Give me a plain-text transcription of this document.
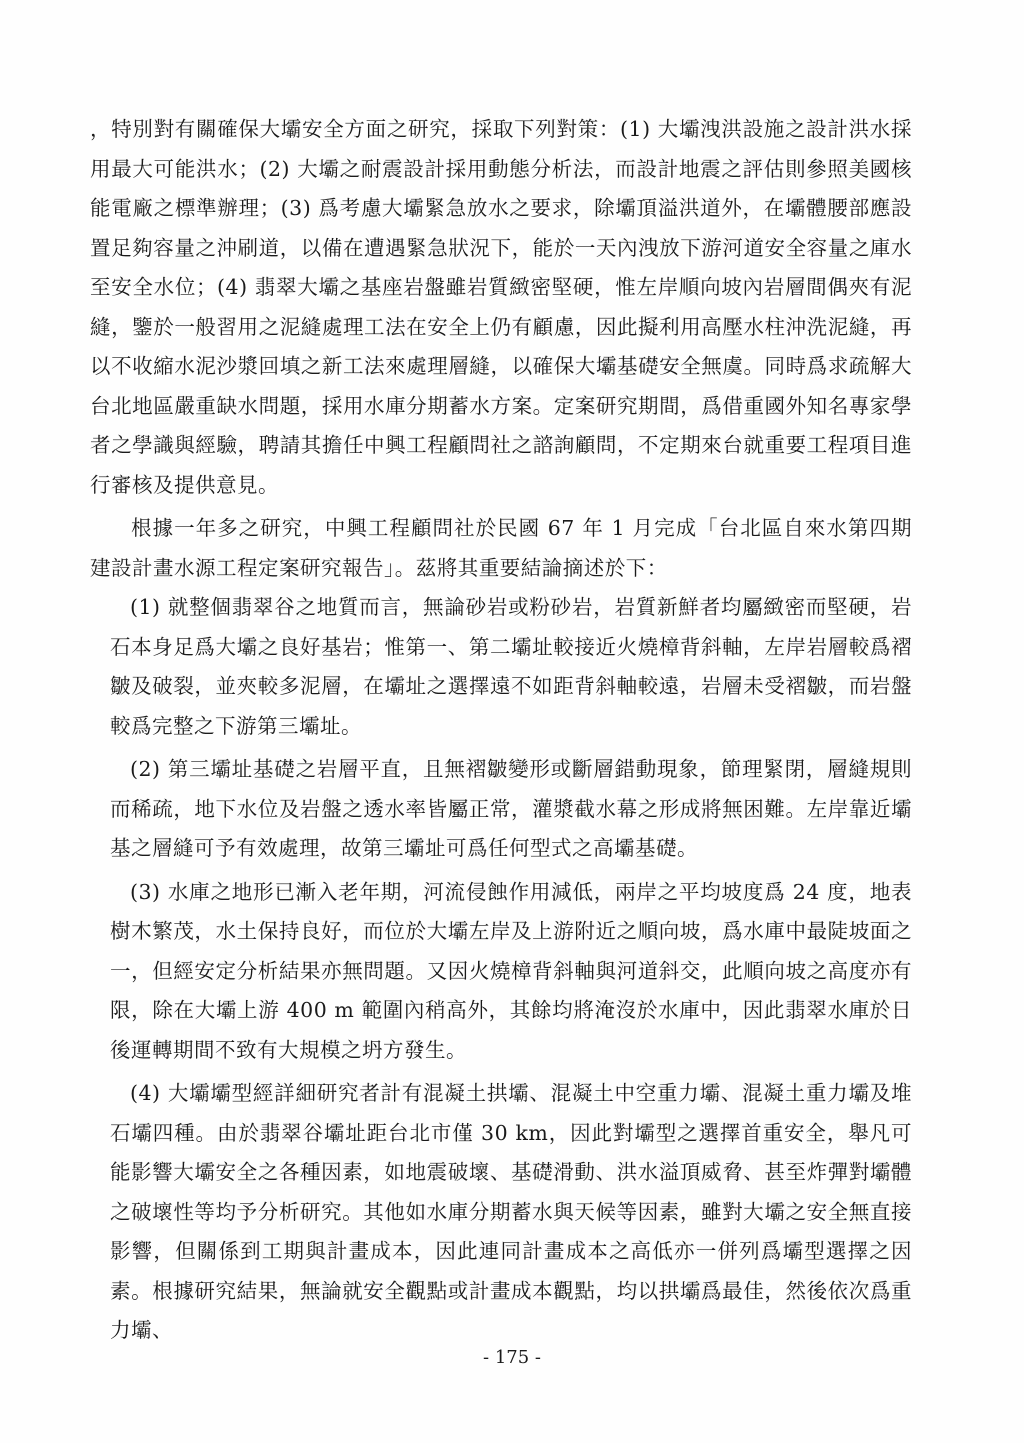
，特別對有關確保大壩安全方面之研究，採取下列對策：(1) 大壩洩洪設施之設計洪水採用最大可能洪水；(2) 大壩之耐震設計採用動態分析法，而設計地震之評估則參照美國核能電廠之標準辦理；(3) 爲考慮大壩緊急放水之要求，除壩頂溢洪道外，在壩體腰部應設置足夠容量之沖刷道，以備在遭遇緊急狀況下，能於一天內洩放下游河道安全容量之庫水至安全水位；(4) 翡翠大壩之基座岩盤雖岩質緻密堅硬，惟左岸順向坡內岩層間偶夾有泥縫，鑒於一般習用之泥縫處理工法在安全上仍有顧慮，因此擬利用高壓水柱沖洗泥縫，再以不收縮水泥沙漿回填之新工法來處理層縫，以確保大壩基礎安全無虞。同時爲求疏解大台北地區嚴重缺水問題，採用水庫分期蓄水方案。定案研究期間，爲借重國外知名專家學者之學識與經驗，聘請其擔任中興工程顧問社之諮詢顧問，不定期來台就重要工程項目進行審核及提供意見。

根據一年多之研究，中興工程顧問社於民國 67 年 1 月完成「台北區自來水第四期建設計畫水源工程定案研究報告」。茲將其重要結論摘述於下：

(1) 就整個翡翠谷之地質而言，無論砂岩或粉砂岩，岩質新鮮者均屬緻密而堅硬，岩石本身足爲大壩之良好基岩；惟第一、第二壩址較接近火燒樟背斜軸，左岸岩層較爲褶皺及破裂，並夾較多泥層，在壩址之選擇遠不如距背斜軸較遠，岩層未受褶皺，而岩盤較爲完整之下游第三壩址。

(2) 第三壩址基礎之岩層平直，且無褶皺變形或斷層錯動現象，節理緊閉，層縫規則而稀疏，地下水位及岩盤之透水率皆屬正常，灌漿截水幕之形成將無困難。左岸靠近壩基之層縫可予有效處理，故第三壩址可爲任何型式之高壩基礎。

(3) 水庫之地形已漸入老年期，河流侵蝕作用減低，兩岸之平均坡度爲 24 度，地表樹木繁茂，水土保持良好，而位於大壩左岸及上游附近之順向坡，爲水庫中最陡坡面之一，但經安定分析結果亦無問題。又因火燒樟背斜軸與河道斜交，此順向坡之高度亦有限，除在大壩上游 400 m 範圍內稍高外，其餘均將淹沒於水庫中，因此翡翠水庫於日後運轉期間不致有大規模之坍方發生。

(4) 大壩壩型經詳細研究者計有混凝土拱壩、混凝土中空重力壩、混凝土重力壩及堆石壩四種。由於翡翠谷壩址距台北市僅 30 km，因此對壩型之選擇首重安全，舉凡可能影響大壩安全之各種因素，如地震破壞、基礎滑動、洪水溢頂威脅、甚至炸彈對壩體之破壞性等均予分析研究。其他如水庫分期蓄水與天候等因素，雖對大壩之安全無直接影響，但關係到工期與計畫成本，因此連同計畫成本之高低亦一併列爲壩型選擇之因素。根據研究結果，無論就安全觀點或計畫成本觀點，均以拱壩爲最佳，然後依次爲重力壩、

- 175 -
